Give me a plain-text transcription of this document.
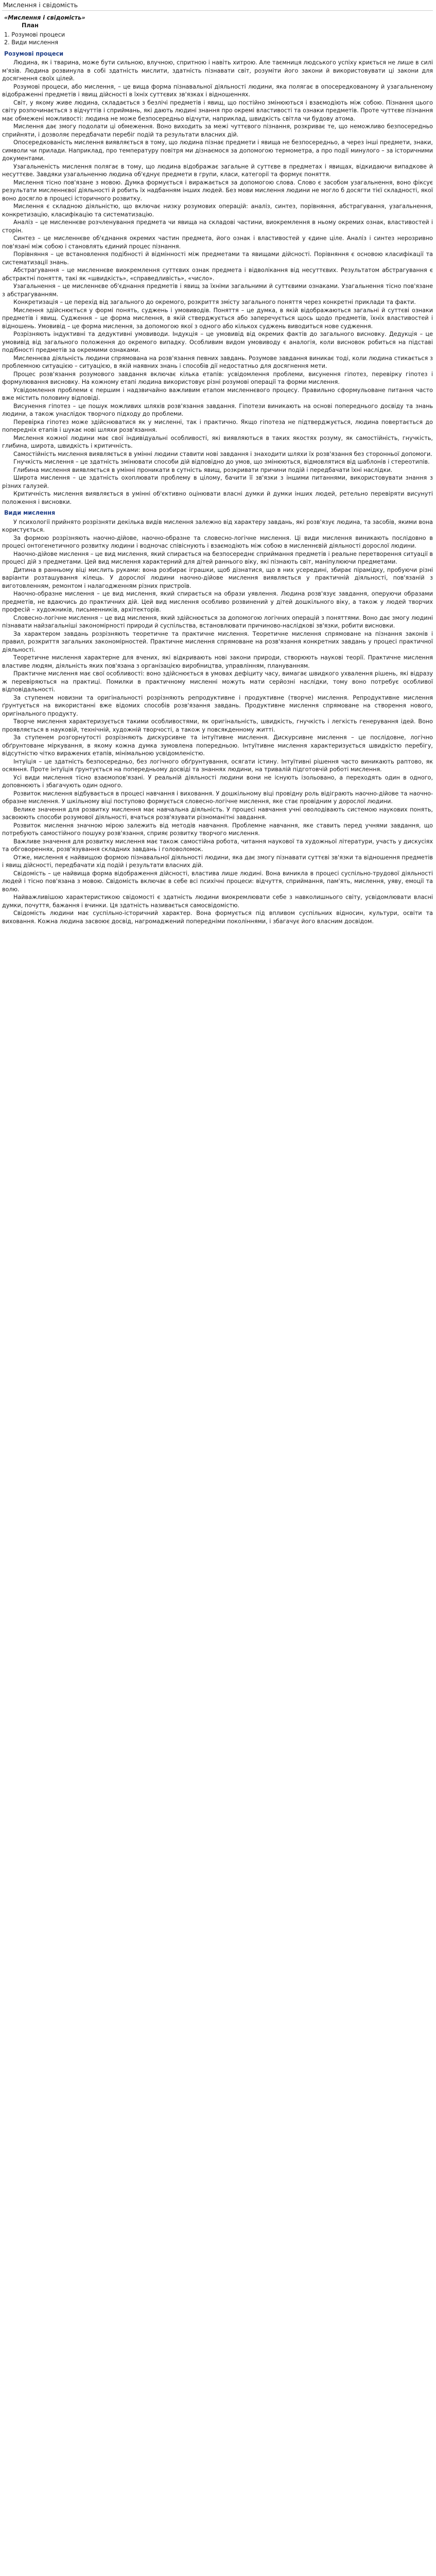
Мислення і свідомість
«Мислення і свідомість»
План
1. Розумові процеси
2. Види мислення
Розумові процеси

Людина, як і тварина, може бути сильною, влучною, спритною і навіть хитрою. Але таємниця людського успіху криється не лише в силі м'язів. Людина розвинула в собі здатність мислити, здатність пізнавати світ, розуміти його закони й використовувати ці закони для досягнення своїх цілей.

Розумові процеси, або мислення, – це вища форма пізнавальної діяльності людини, яка полягає в опосередкованому й узагальненому відображенні предметів і явищ дійсності в їхніх суттєвих зв'язках і відношеннях.

Світ, у якому живе людина, складається з безлічі предметів і явищ, що постійно змінюються і взаємодіють між собою. Пізнання цього світу розпочинається з відчуттів і сприймань, які дають людині знання про окремі властивості та ознаки предметів. Проте чуттєве пізнання має обмежені можливості: людина не може безпосередньо відчути, наприклад, швидкість світла чи будову атома.

Мислення дає змогу подолати ці обмеження. Воно виходить за межі чуттєвого пізнання, розкриває те, що неможливо безпосередньо сприйняти, і дозволяє передбачати перебіг подій та результати власних дій.

Опосередкованість мислення виявляється в тому, що людина пізнає предмети і явища не безпосередньо, а через інші предмети, знаки, символи чи прилади. Наприклад, про температуру повітря ми дізнаємося за допомогою термометра, а про події минулого – за історичними документами.

Узагальненість мислення полягає в тому, що людина відображає загальне й суттєве в предметах і явищах, відкидаючи випадкове й несуттєве. Завдяки узагальненню людина об'єднує предмети в групи, класи, категорії та формує поняття.

Мислення тісно пов'язане з мовою. Думка формується і виражається за допомогою слова. Слово є засобом узагальнення, воно фіксує результати мисленнєвої діяльності й робить їх надбанням інших людей. Без мови мислення людини не могло б досягти тієї складності, якої воно досягло в процесі історичного розвитку.

Мислення є складною діяльністю, що включає низку розумових операцій: аналіз, синтез, порівняння, абстрагування, узагальнення, конкретизацію, класифікацію та систематизацію.

Аналіз – це мисленнєве розчленування предмета чи явища на складові частини, виокремлення в ньому окремих ознак, властивостей і сторін.

Синтез – це мисленнєве об'єднання окремих частин предмета, його ознак і властивостей у єдине ціле. Аналіз і синтез нерозривно пов'язані між собою і становлять єдиний процес пізнання.

Порівняння – це встановлення подібності й відмінності між предметами та явищами дійсності. Порівняння є основою класифікації та систематизації знань.

Абстрагування – це мисленнєве виокремлення суттєвих ознак предмета і відволікання від несуттєвих. Результатом абстрагування є абстрактні поняття, такі як «швидкість», «справедливість», «число».

Узагальнення – це мисленнєве об'єднання предметів і явищ за їхніми загальними й суттєвими ознаками. Узагальнення тісно пов'язане з абстрагуванням.

Конкретизація – це перехід від загального до окремого, розкриття змісту загального поняття через конкретні приклади та факти.

Мислення здійснюється у формі понять, суджень і умовиводів. Поняття – це думка, в якій відображаються загальні й суттєві ознаки предметів і явищ. Судження – це форма мислення, в якій стверджується або заперечується щось щодо предметів, їхніх властивостей і відношень. Умовивід – це форма мислення, за допомогою якої з одного або кількох суджень виводиться нове судження.

Розрізняють індуктивні та дедуктивні умовиводи. Індукція – це умовивід від окремих фактів до загального висновку. Дедукція – це умовивід від загального положення до окремого випадку. Особливим видом умовиводу є аналогія, коли висновок робиться на підставі подібності предметів за окремими ознаками.

Мисленнєва діяльність людини спрямована на розв'язання певних завдань. Розумове завдання виникає тоді, коли людина стикається з проблемною ситуацією – ситуацією, в якій наявних знань і способів дії недостатньо для досягнення мети.

Процес розв'язання розумового завдання включає кілька етапів: усвідомлення проблеми, висунення гіпотез, перевірку гіпотез і формулювання висновку. На кожному етапі людина використовує різні розумові операції та форми мислення.

Усвідомлення проблеми є першим і надзвичайно важливим етапом мисленнєвого процесу. Правильно сформульоване питання часто вже містить половину відповіді.

Висунення гіпотез – це пошук можливих шляхів розв'язання завдання. Гіпотези виникають на основі попереднього досвіду та знань людини, а також унаслідок творчого підходу до проблеми.

Перевірка гіпотез може здійснюватися як у мисленні, так і практично. Якщо гіпотеза не підтверджується, людина повертається до попередніх етапів і шукає нові шляхи розв'язання.

Мислення кожної людини має свої індивідуальні особливості, які виявляються в таких якостях розуму, як самостійність, гнучкість, глибина, широта, швидкість і критичність.

Самостійність мислення виявляється в умінні людини ставити нові завдання і знаходити шляхи їх розв'язання без сторонньої допомоги.

Гнучкість мислення – це здатність змінювати способи дій відповідно до умов, що змінюються, відмовлятися від шаблонів і стереотипів.

Глибина мислення виявляється в умінні проникати в сутність явищ, розкривати причини подій і передбачати їхні наслідки.

Широта мислення – це здатність охоплювати проблему в цілому, бачити її зв'язки з іншими питаннями, використовувати знання з різних галузей.

Критичність мислення виявляється в умінні об'єктивно оцінювати власні думки й думки інших людей, ретельно перевіряти висунуті положення і висновки.

Види мислення

У психології прийнято розрізняти декілька видів мислення залежно від характеру завдань, які розв'язує людина, та засобів, якими вона користується.

За формою розрізняють наочно-дійове, наочно-образне та словесно-логічне мислення. Ці види мислення виникають послідовно в процесі онтогенетичного розвитку людини і водночас співіснують і взаємодіють між собою в мисленнєвій діяльності дорослої людини.

Наочно-дійове мислення – це вид мислення, який спирається на безпосереднє сприймання предметів і реальне перетворення ситуації в процесі дій з предметами. Цей вид мислення характерний для дітей раннього віку, які пізнають світ, маніпулюючи предметами.

Дитина в ранньому віці мислить руками: вона розбирає іграшки, щоб дізнатися, що в них усередині, збирає пірамідку, пробуючи різні варіанти розташування кілець. У дорослої людини наочно-дійове мислення виявляється у практичній діяльності, пов'язаній з виготовленням, ремонтом і налагодженням різних пристроїв.

Наочно-образне мислення – це вид мислення, який спирається на образи уявлення. Людина розв'язує завдання, оперуючи образами предметів, не вдаючись до практичних дій. Цей вид мислення особливо розвинений у дітей дошкільного віку, а також у людей творчих професій – художників, письменників, архітекторів.

Словесно-логічне мислення – це вид мислення, який здійснюється за допомогою логічних операцій з поняттями. Воно дає змогу людині пізнавати найзагальніші закономірності природи й суспільства, встановлювати причиново-наслідкові зв'язки, робити висновки.

За характером завдань розрізняють теоретичне та практичне мислення. Теоретичне мислення спрямоване на пізнання законів і правил, розкриття загальних закономірностей. Практичне мислення спрямоване на розв'язання конкретних завдань у процесі практичної діяльності.

Теоретичне мислення характерне для вчених, які відкривають нові закони природи, створюють наукові теорії. Практичне мислення властиве людям, діяльність яких пов'язана з організацією виробництва, управлінням, плануванням.

Практичне мислення має свої особливості: воно здійснюється в умовах дефіциту часу, вимагає швидкого ухвалення рішень, які відразу ж перевіряються на практиці. Помилки в практичному мисленні можуть мати серйозні наслідки, тому воно потребує особливої відповідальності.

За ступенем новизни та оригінальності розрізняють репродуктивне і продуктивне (творче) мислення. Репродуктивне мислення ґрунтується на використанні вже відомих способів розв'язання завдань. Продуктивне мислення спрямоване на створення нового, оригінального продукту.

Творче мислення характеризується такими особливостями, як оригінальність, швидкість, гнучкість і легкість генерування ідей. Воно проявляється в науковій, технічній, художній творчості, а також у повсякденному житті.

За ступенем розгорнутості розрізняють дискурсивне та інтуїтивне мислення. Дискурсивне мислення – це послідовне, логічно обґрунтоване міркування, в якому кожна думка зумовлена попередньою. Інтуїтивне мислення характеризується швидкістю перебігу, відсутністю чітко виражених етапів, мінімальною усвідомленістю.

Інтуїція – це здатність безпосередньо, без логічного обґрунтування, осягати істину. Інтуїтивні рішення часто виникають раптово, як осяяння. Проте інтуїція ґрунтується на попередньому досвіді та знаннях людини, на тривалій підготовчій роботі мислення.

Усі види мислення тісно взаємопов'язані. У реальній діяльності людини вони не існують ізольовано, а переходять один в одного, доповнюють і збагачують один одного.

Розвиток мислення відбувається в процесі навчання і виховання. У дошкільному віці провідну роль відіграють наочно-дійове та наочно-образне мислення. У шкільному віці поступово формується словесно-логічне мислення, яке стає провідним у дорослої людини.

Велике значення для розвитку мислення має навчальна діяльність. У процесі навчання учні оволодівають системою наукових понять, засвоюють способи розумової діяльності, вчаться розв'язувати різноманітні завдання.

Розвиток мислення значною мірою залежить від методів навчання. Проблемне навчання, яке ставить перед учнями завдання, що потребують самостійного пошуку розв'язання, сприяє розвитку творчого мислення.

Важливе значення для розвитку мислення має також самостійна робота, читання наукової та художньої літератури, участь у дискусіях та обговореннях, розв'язування складних завдань і головоломок.

Отже, мислення є найвищою формою пізнавальної діяльності людини, яка дає змогу пізнавати суттєві зв'язки та відношення предметів і явищ дійсності, передбачати хід подій і результати власних дій.

Свідомість – це найвища форма відображення дійсності, властива лише людині. Вона виникла в процесі суспільно-трудової діяльності людей і тісно пов'язана з мовою. Свідомість включає в себе всі психічні процеси: відчуття, сприймання, пам'ять, мислення, уяву, емоції та волю.

Найважливішою характеристикою свідомості є здатність людини виокремлювати себе з навколишнього світу, усвідомлювати власні думки, почуття, бажання і вчинки. Ця здатність називається самосвідомістю.

Свідомість людини має суспільно-історичний характер. Вона формується під впливом суспільних відносин, культури, освіти та виховання. Кожна людина засвоює досвід, нагромаджений попередніми поколіннями, і збагачує його власним досвідом.
